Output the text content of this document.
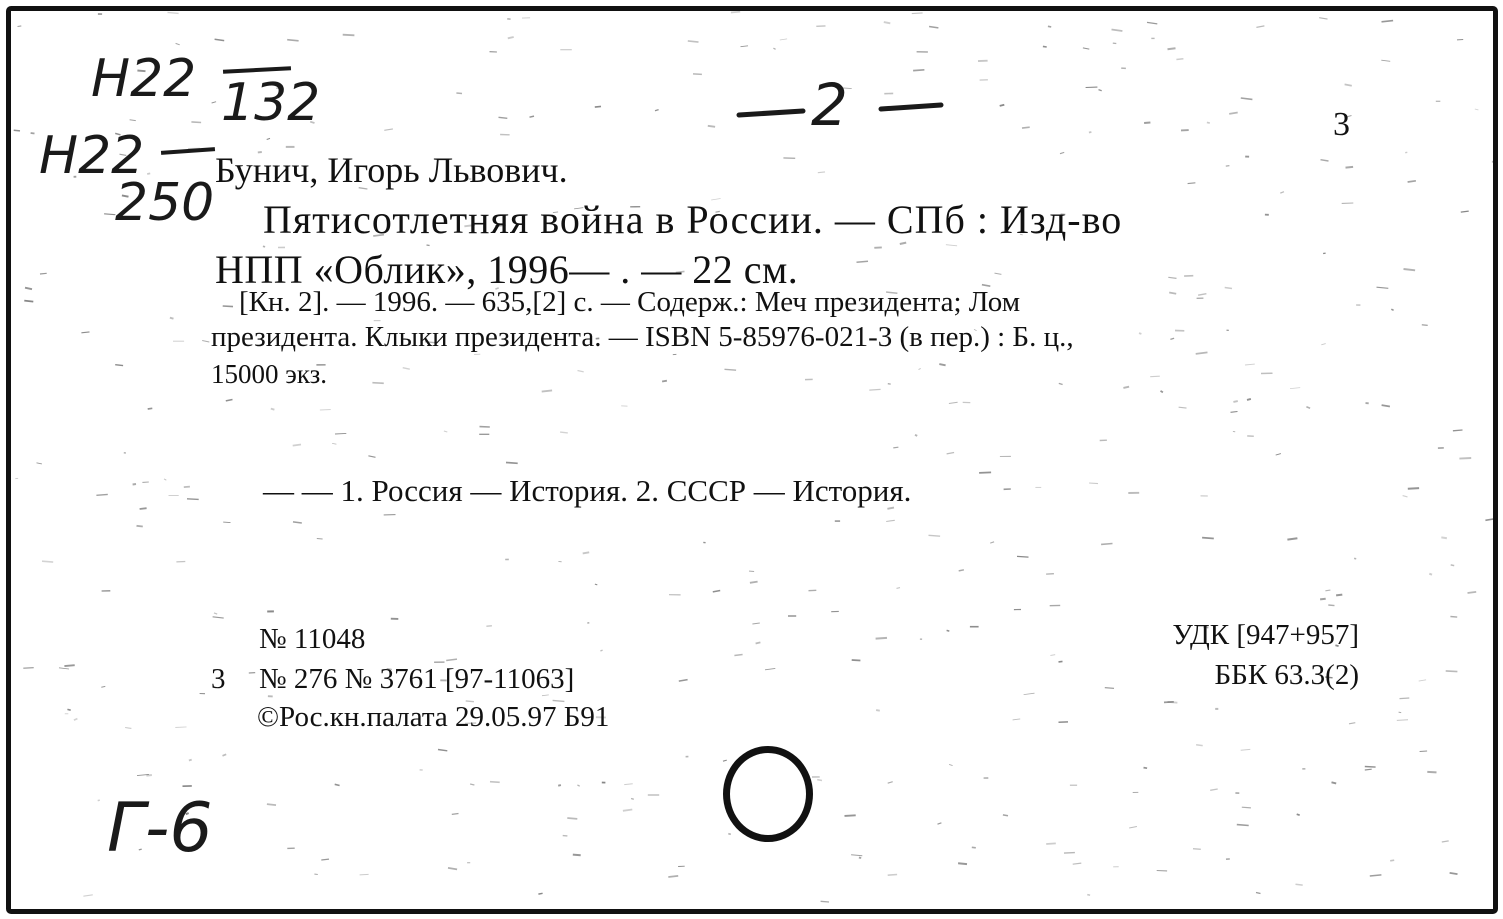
Н22 132
Н22
250
2	3
Бунич, Игорь Львович.
Пятисотлетняя война в России. — СПб : Изд-во
НПП «Облик», 1996— . — 22 см.
[Кн. 2]. — 1996. — 635,[2] с. — Содерж.: Меч президента; Лом
президента. Клыки президента. — ISBN 5-85976-021-3 (в пер.) : Б. ц.,
15000 экз.
— — 1. Россия — История. 2. СССР — История.
№ 11048
3 № 276 № 3761 [97-11063]
©Рос.кн.палата 29.05.97 Б91
УДК [947+957]
ББК 63.3(2)
Г-6
